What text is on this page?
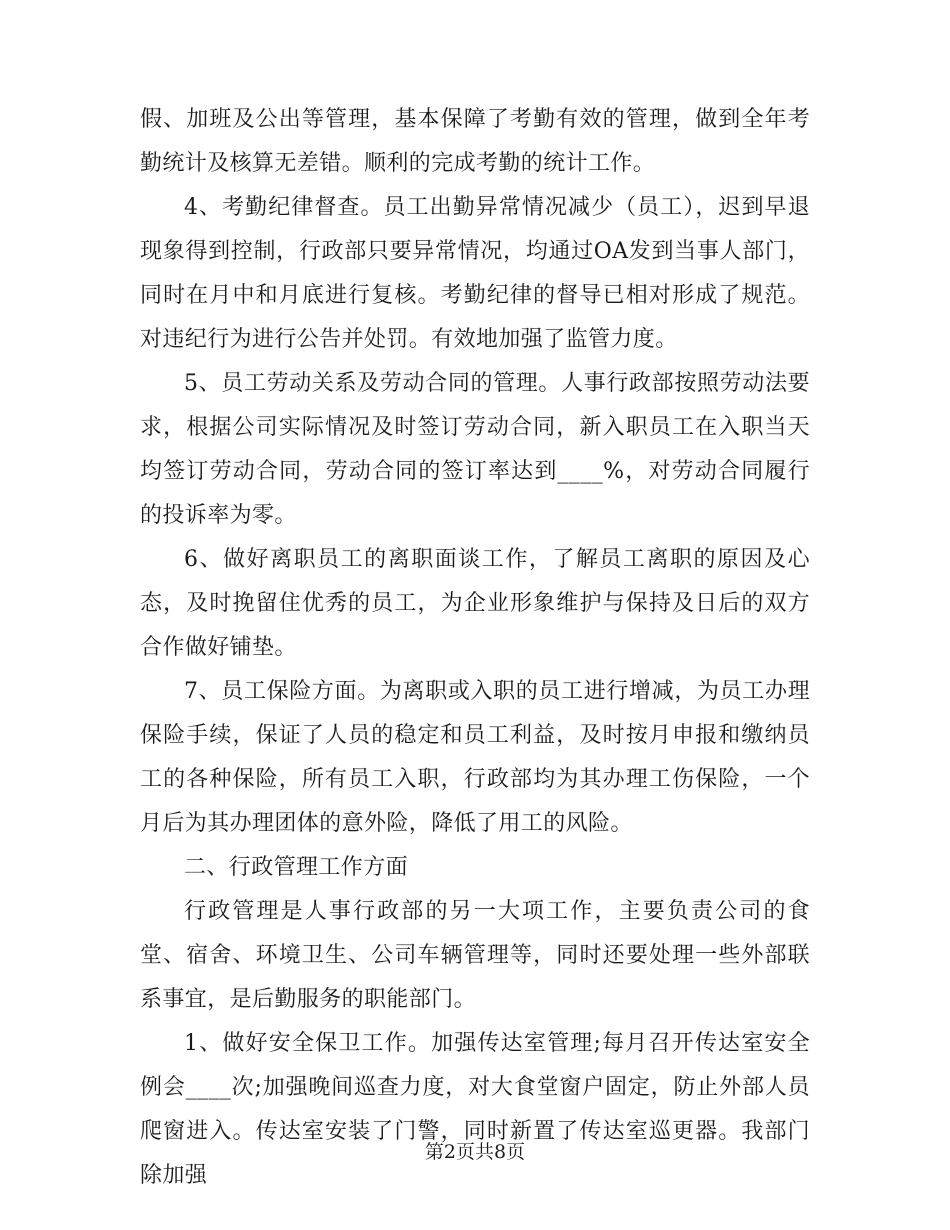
假、加班及公出等管理，基本保障了考勤有效的管理，做到全年考勤统计及核算无差错。顺利的完成考勤的统计工作。

4、考勤纪律督查。员工出勤异常情况减少（员工），迟到早退现象得到控制，行政部只要异常情况，均通过OA发到当事人部门，同时在月中和月底进行复核。考勤纪律的督导已相对形成了规范。对违纪行为进行公告并处罚。有效地加强了监管力度。

5、员工劳动关系及劳动合同的管理。人事行政部按照劳动法要求，根据公司实际情况及时签订劳动合同，新入职员工在入职当天均签订劳动合同，劳动合同的签订率达到____%，对劳动合同履行的投诉率为零。

6、做好离职员工的离职面谈工作，了解员工离职的原因及心态，及时挽留住优秀的员工，为企业形象维护与保持及日后的双方合作做好铺垫。

7、员工保险方面。为离职或入职的员工进行增减，为员工办理保险手续，保证了人员的稳定和员工利益，及时按月申报和缴纳员工的各种保险，所有员工入职，行政部均为其办理工伤保险，一个月后为其办理团体的意外险，降低了用工的风险。

二、行政管理工作方面

行政管理是人事行政部的另一大项工作，主要负责公司的食堂、宿舍、环境卫生、公司车辆管理等，同时还要处理一些外部联系事宜，是后勤服务的职能部门。

1、做好安全保卫工作。加强传达室管理;每月召开传达室安全例会____次;加强晚间巡查力度，对大食堂窗户固定，防止外部人员爬窗进入。传达室安装了门警，同时新置了传达室巡更器。我部门除加强

第2页共8页
